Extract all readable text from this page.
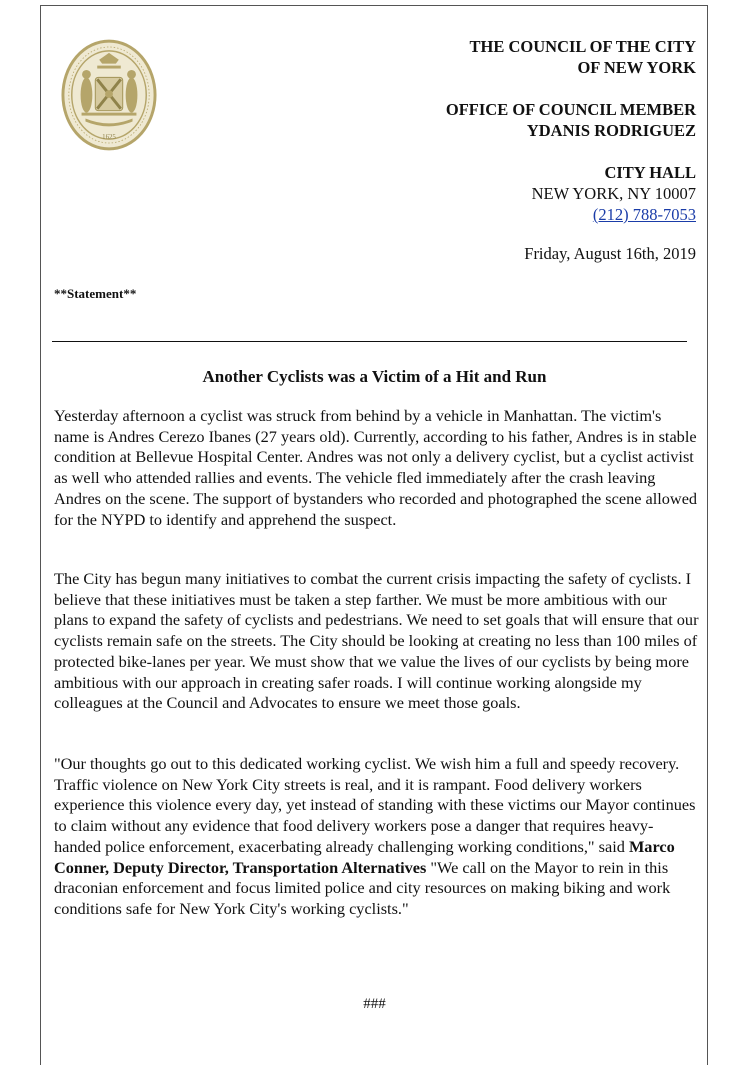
1625
THE COUNCIL OF THE CITY
OF NEW YORK
OFFICE OF COUNCIL MEMBER
YDANIS RODRIGUEZ
CITY HALL
NEW YORK, NY 10007
(212) 788-7053
Friday, August 16th, 2019
**Statement**
Another Cyclists was a Victim of a Hit and Run

Yesterday afternoon a cyclist was struck from behind by a vehicle in Manhattan. The victim's name is Andres Cerezo Ibanes (27 years old). Currently, according to his father, Andres is in stable condition at Bellevue Hospital Center. Andres was not only a delivery cyclist, but a cyclist activist as well who attended rallies and events. The vehicle fled immediately after the crash leaving Andres on the scene. The support of bystanders who recorded and photographed the scene allowed for the NYPD to identify and apprehend the suspect.

The City has begun many initiatives to combat the current crisis impacting the safety of cyclists. I believe that these initiatives must be taken a step farther. We must be more ambitious with our plans to expand the safety of cyclists and pedestrians. We need to set goals that will ensure that our cyclists remain safe on the streets. The City should be looking at creating no less than 100 miles of protected bike-lanes per year. We must show that we value the lives of our cyclists by being more ambitious with our approach in creating safer roads. I will continue working alongside my colleagues at the Council and Advocates to ensure we meet those goals.

"Our thoughts go out to this dedicated working cyclist. We wish him a full and speedy recovery. Traffic violence on New York City streets is real, and it is rampant. Food delivery workers experience this violence every day, yet instead of standing with these victims our Mayor continues to claim without any evidence that food delivery workers pose a danger that requires heavy-handed police enforcement, exacerbating already challenging working conditions," said Marco Conner, Deputy Director, Transportation Alternatives "We call on the Mayor to rein in this draconian enforcement and focus limited police and city resources on making biking and work conditions safe for New York City's working cyclists."

###
